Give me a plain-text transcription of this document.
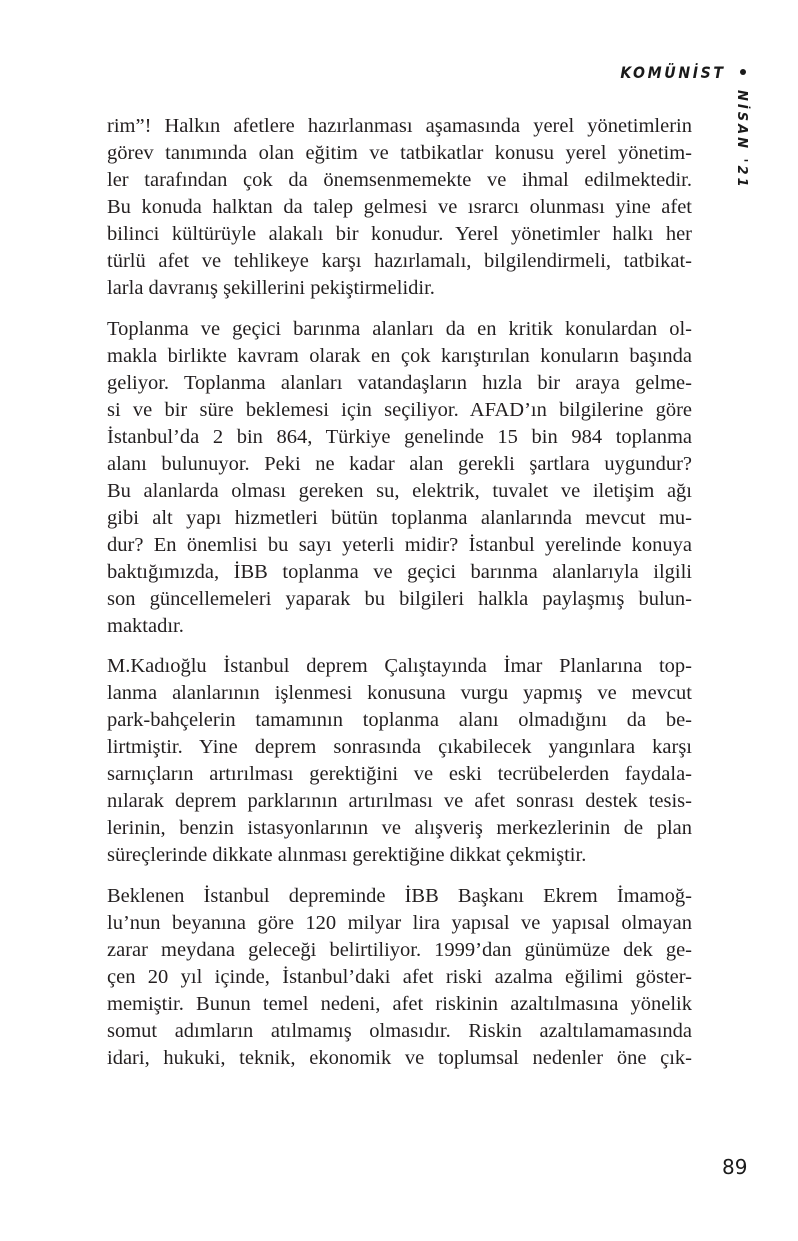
KOMÜNİST
NİSAN '21

rim”! Halkın afetlere hazırlanması aşamasında yerel yönetimlerin
görev tanımında olan eğitim ve tatbikatlar konusu yerel yönetim-
ler tarafından çok da önemsenmemekte ve ihmal edilmektedir.
Bu konuda halktan da talep gelmesi ve ısrarcı olunması yine afet
bilinci kültürüyle alakalı bir konudur. Yerel yönetimler halkı her
türlü afet ve tehlikeye karşı hazırlamalı, bilgilendirmeli, tatbikat-
larla davranış şekillerini pekiştirmelidir.

Toplanma ve geçici barınma alanları da en kritik konulardan ol-
makla birlikte kavram olarak en çok karıştırılan konuların başında
geliyor. Toplanma alanları vatandaşların hızla bir araya gelme-
si ve bir süre beklemesi için seçiliyor. AFAD’ın bilgilerine göre
İstanbul’da 2 bin 864, Türkiye genelinde 15 bin 984 toplanma
alanı bulunuyor. Peki ne kadar alan gerekli şartlara uygundur?
Bu alanlarda olması gereken su, elektrik, tuvalet ve iletişim ağı
gibi alt yapı hizmetleri bütün toplanma alanlarında mevcut mu-
dur? En önemlisi bu sayı yeterli midir? İstanbul yerelinde konuya
baktığımızda, İBB toplanma ve geçici barınma alanlarıyla ilgili
son güncellemeleri yaparak bu bilgileri halkla paylaşmış bulun-
maktadır.

M.Kadıoğlu İstanbul deprem Çalıştayında İmar Planlarına top-
lanma alanlarının işlenmesi konusuna vurgu yapmış ve mevcut
park-bahçelerin tamamının toplanma alanı olmadığını da be-
lirtmiştir. Yine deprem sonrasında çıkabilecek yangınlara karşı
sarnıçların artırılması gerektiğini ve eski tecrübelerden faydala-
nılarak deprem parklarının artırılması ve afet sonrası destek tesis-
lerinin, benzin istasyonlarının ve alışveriş merkezlerinin de plan
süreçlerinde dikkate alınması gerektiğine dikkat çekmiştir.

Beklenen İstanbul depreminde İBB Başkanı Ekrem İmamoğ-
lu’nun beyanına göre 120 milyar lira yapısal ve yapısal olmayan
zarar meydana geleceği belirtiliyor. 1999’dan günümüze dek ge-
çen 20 yıl içinde, İstanbul’daki afet riski azalma eğilimi göster-
memiştir. Bunun temel nedeni, afet riskinin azaltılmasına yönelik
somut adımların atılmamış olmasıdır. Riskin azaltılamamasında
idari, hukuki, teknik, ekonomik ve toplumsal nedenler öne çık-

89
